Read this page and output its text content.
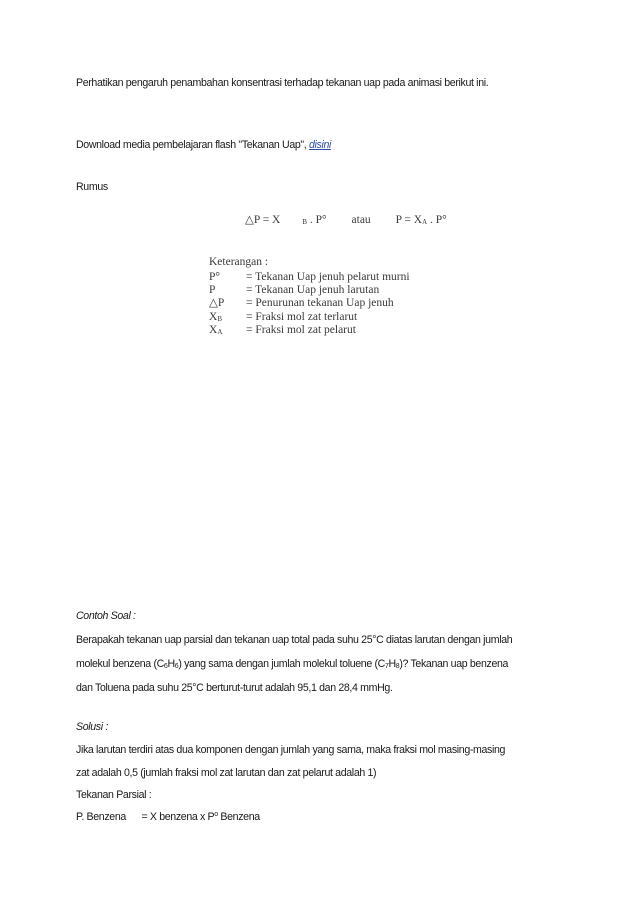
Perhatikan pengaruh penambahan konsentrasi terhadap tekanan uap pada animasi berikut ini.
Download media pembelajaran flash "Tekanan Uap", disini
Rumus
△P = X	$_B$ . P° atau $P = X_A$ . P°
Keterangan :
P° = Tekanan Uap jenuh pelarut murni
P	= Tekanan Uap jenuh larutan
△P = Penurunan tekanan Uap jenuh
$X_B$ = Fraksi mol zat terlarut
$X_A$ = Fraksi mol zat pelarut
Contoh Soal :
Berapakah tekanan uap parsial dan tekanan uap total pada suhu 25°C diatas larutan dengan jumlah
molekul benzena $(C_6H_6)$ yang sama dengan jumlah molekul toluene $(C_7H_8)$? Tekanan uap benzena
dan Toluena pada suhu 25°C berturut-turut adalah 95,1 dan 28,4 mmHg.
Solusi :
Jika larutan terdiri atas dua komponen dengan jumlah yang sama, maka fraksi mol masing-masing
zat adalah 0,5 (jumlah fraksi mol zat larutan dan zat pelarut adalah 1)
Tekanan Parsial :
P. Benzena      = X benzena x $P^o$ Benzena
